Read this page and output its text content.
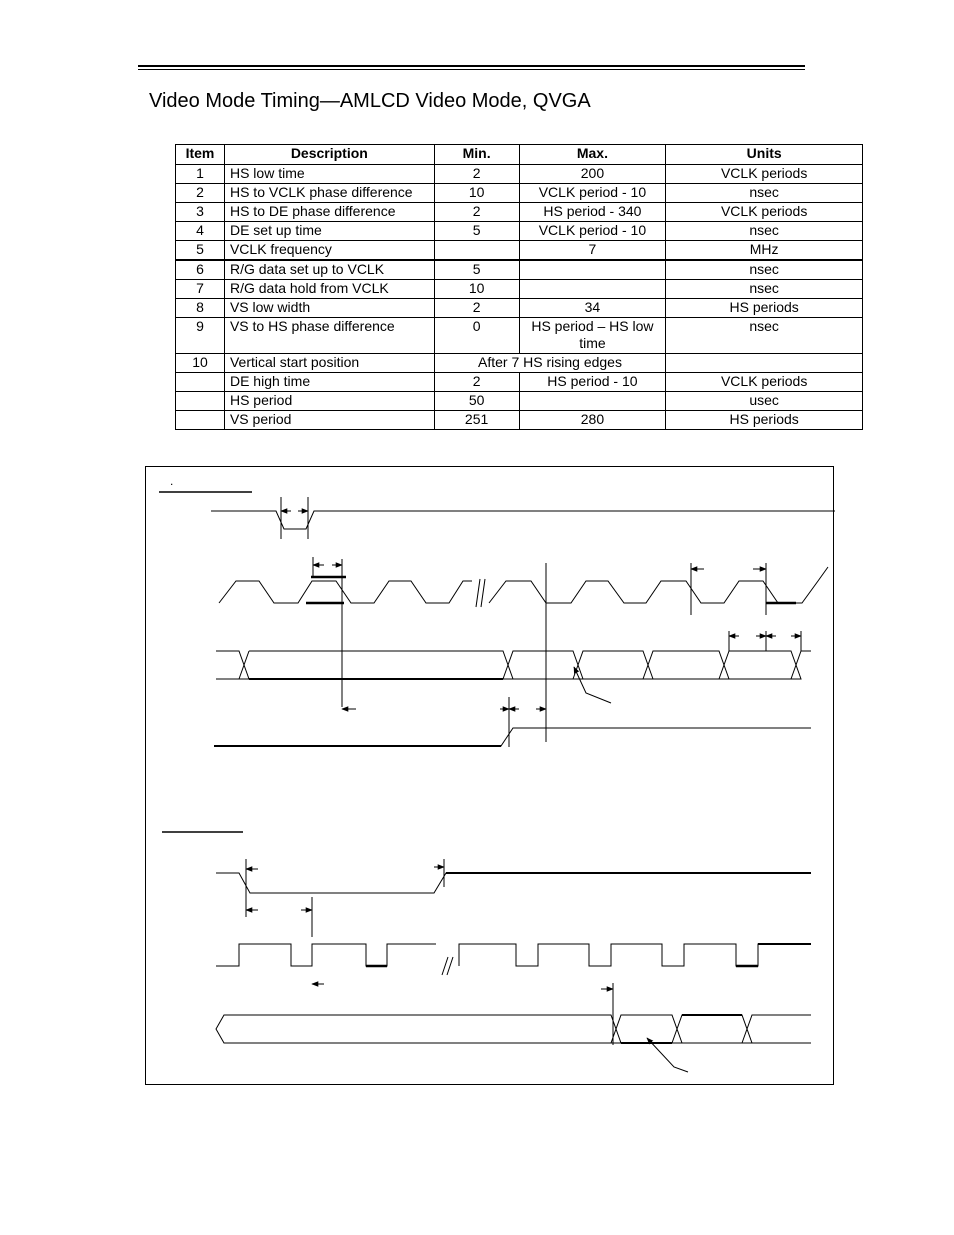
Video Mode Timing—AMLCD Video Mode, QVGA
Item	Description	Min.	Max.	Units
1	HS low time	2	200	VCLK periods
2	HS to VCLK phase difference	10	VCLK period - 10	nsec
3	HS to DE phase difference	2	HS period - 340	VCLK periods
4	DE set up time	5	VCLK period - 10	nsec
5	VCLK frequency		7	MHz
6	R/G data set up to VCLK	5		nsec
7	R/G data hold from VCLK	10		nsec
8	VS low width	2	34	HS periods
9	VS to HS phase difference	0	HS period – HS low time	nsec
10	Vertical start position	After 7 HS rising edges		
	DE high time	2	HS period - 10	VCLK periods
	HS period	50		usec
	VS period	251	280	HS periods
.
